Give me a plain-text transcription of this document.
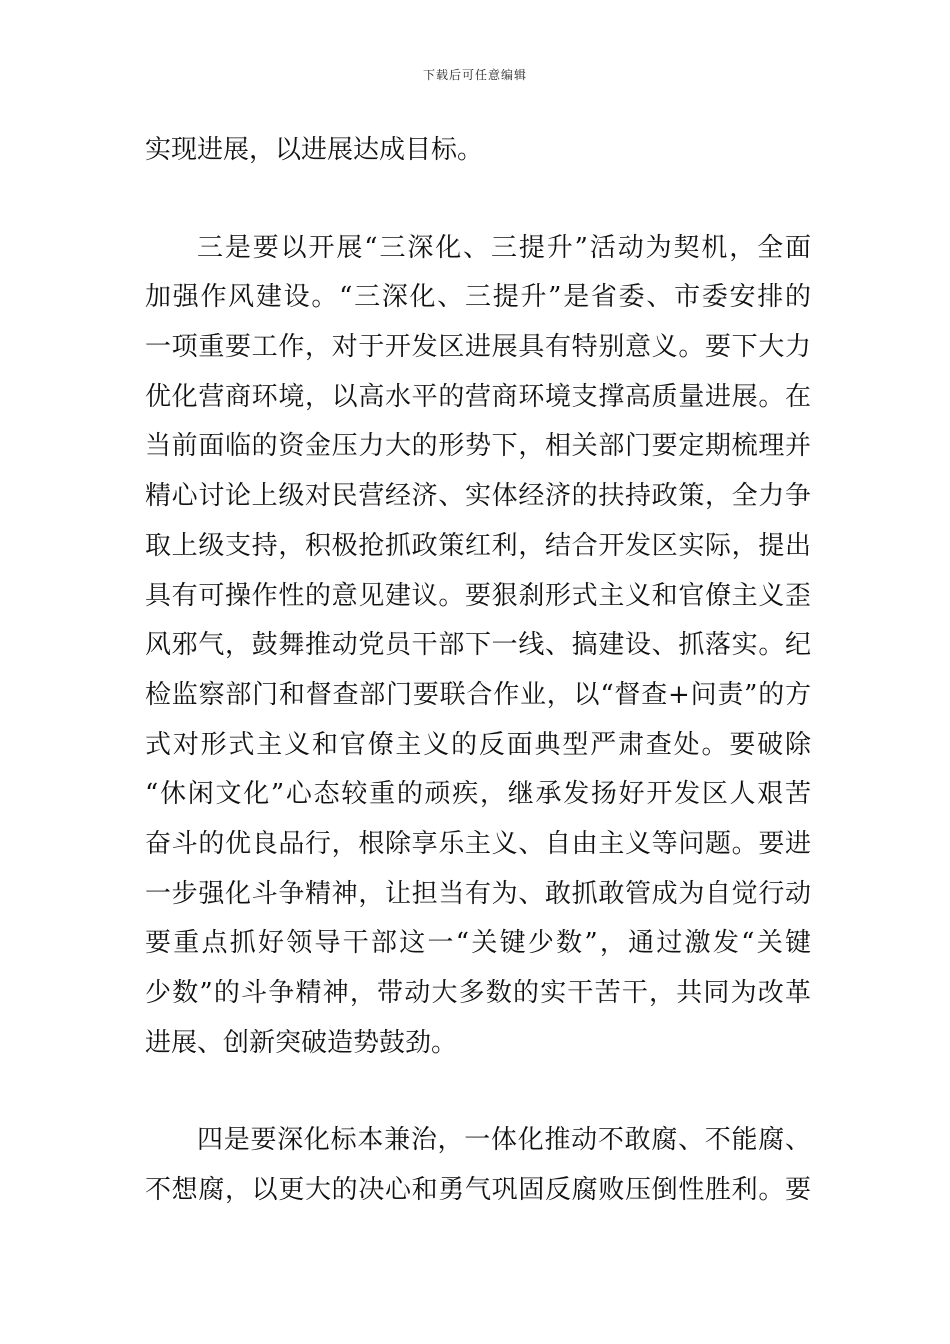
下载后可任意编辑
实现进展，以进展达成目标。
三是要以开展“三深化、三提升”活动为契机，全面
加强作风建设。“三深化、三提升”是省委、市委安排的
一项重要工作，对于开发区进展具有特别意义。要下大力
优化营商环境，以高水平的营商环境支撑高质量进展。在
当前面临的资金压力大的形势下，相关部门要定期梳理并
精心讨论上级对民营经济、实体经济的扶持政策，全力争
取上级支持，积极抢抓政策红利，结合开发区实际，提出
具有可操作性的意见建议。要狠刹形式主义和官僚主义歪
风邪气，鼓舞推动党员干部下一线、搞建设、抓落实。纪
检监察部门和督查部门要联合作业，以“督查+问责”的方
式对形式主义和官僚主义的反面典型严肃查处。要破除
“休闲文化”心态较重的顽疾，继承发扬好开发区人艰苦
奋斗的优良品行，根除享乐主义、自由主义等问题。要进
一步强化斗争精神，让担当有为、敢抓敢管成为自觉行动
要重点抓好领导干部这一“关键少数”，通过激发“关键
少数”的斗争精神，带动大多数的实干苦干，共同为改革
进展、创新突破造势鼓劲。
四是要深化标本兼治，一体化推动不敢腐、不能腐、
不想腐，以更大的决心和勇气巩固反腐败压倒性胜利。要
